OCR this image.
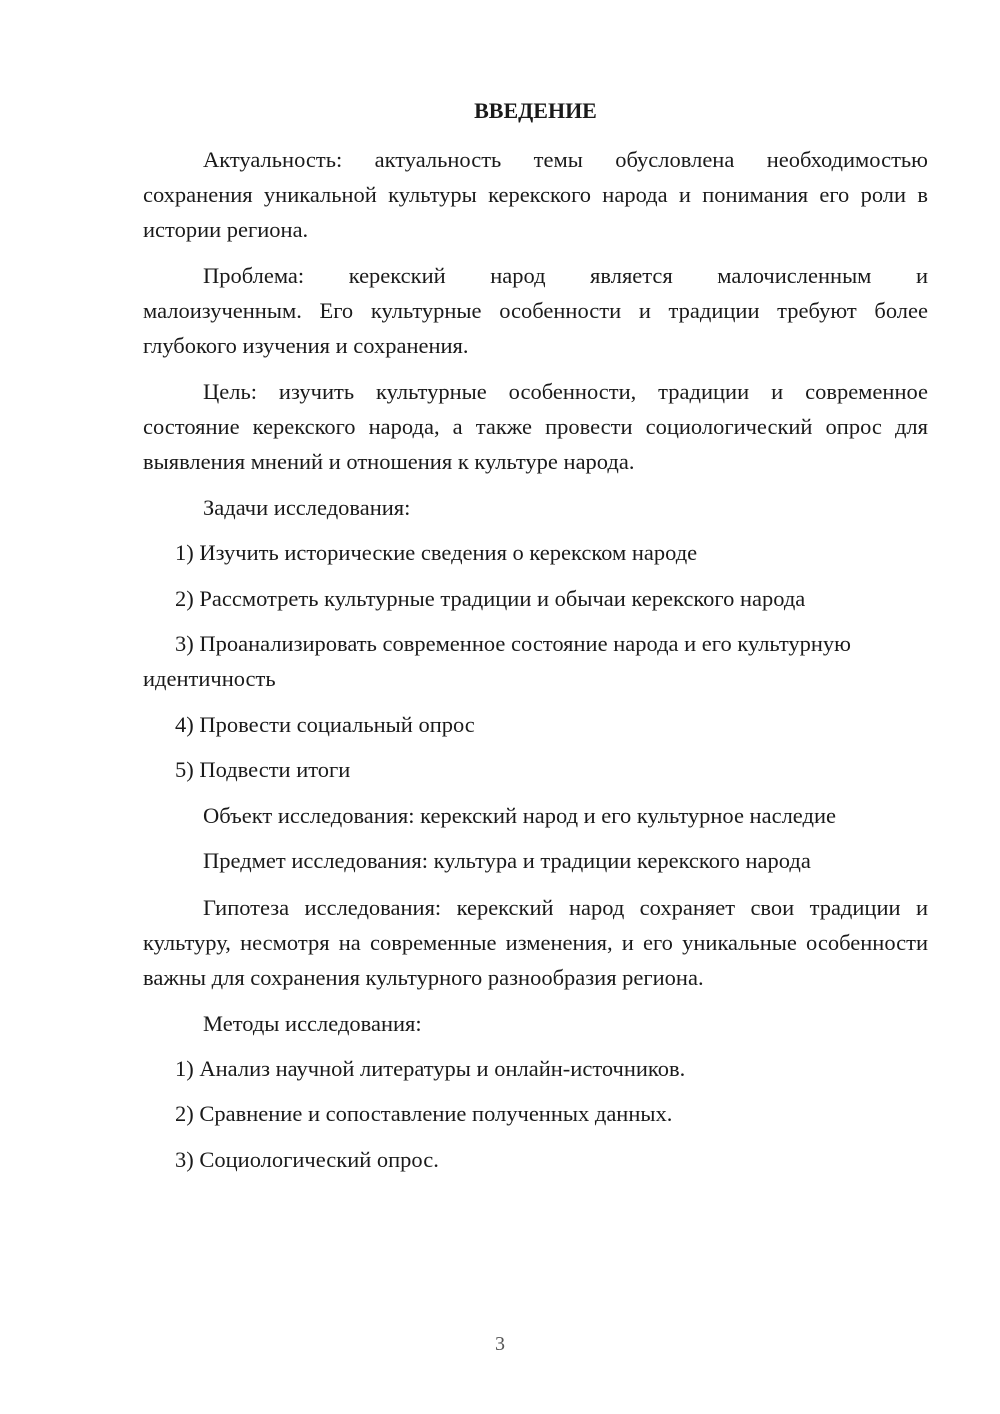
ВВЕДЕНИЕ

Актуальность: актуальность темы обусловлена необходимостью сохранения уникальной культуры керекского народа и понимания его роли в истории региона.

Проблема: керекский народ является малочисленным и

малоизученным. Его культурные особенности и традиции требуют более глубокого изучения и сохранения.

Цель: изучить культурные особенности, традиции и современное состояние керекского народа, а также провести социологический опрос для выявления мнений и отношения к культуре народа.

Задачи исследования:

1) Изучить исторические сведения о керекском народе

2) Рассмотреть культурные традиции и обычаи керекского народа

3) Проанализировать современное состояние народа и его культурную идентичность

4) Провести социальный опрос

5) Подвести итоги

Объект исследования: керекский народ и его культурное наследие

Предмет исследования: культура и традиции керекского народа

Гипотеза исследования: керекский народ сохраняет свои традиции и культуру, несмотря на современные изменения, и его уникальные особенности важны для сохранения культурного разнообразия региона.

Методы исследования:

1) Анализ научной литературы и онлайн-источников.

2) Сравнение и сопоставление полученных данных.

3) Социологический опрос.

3
